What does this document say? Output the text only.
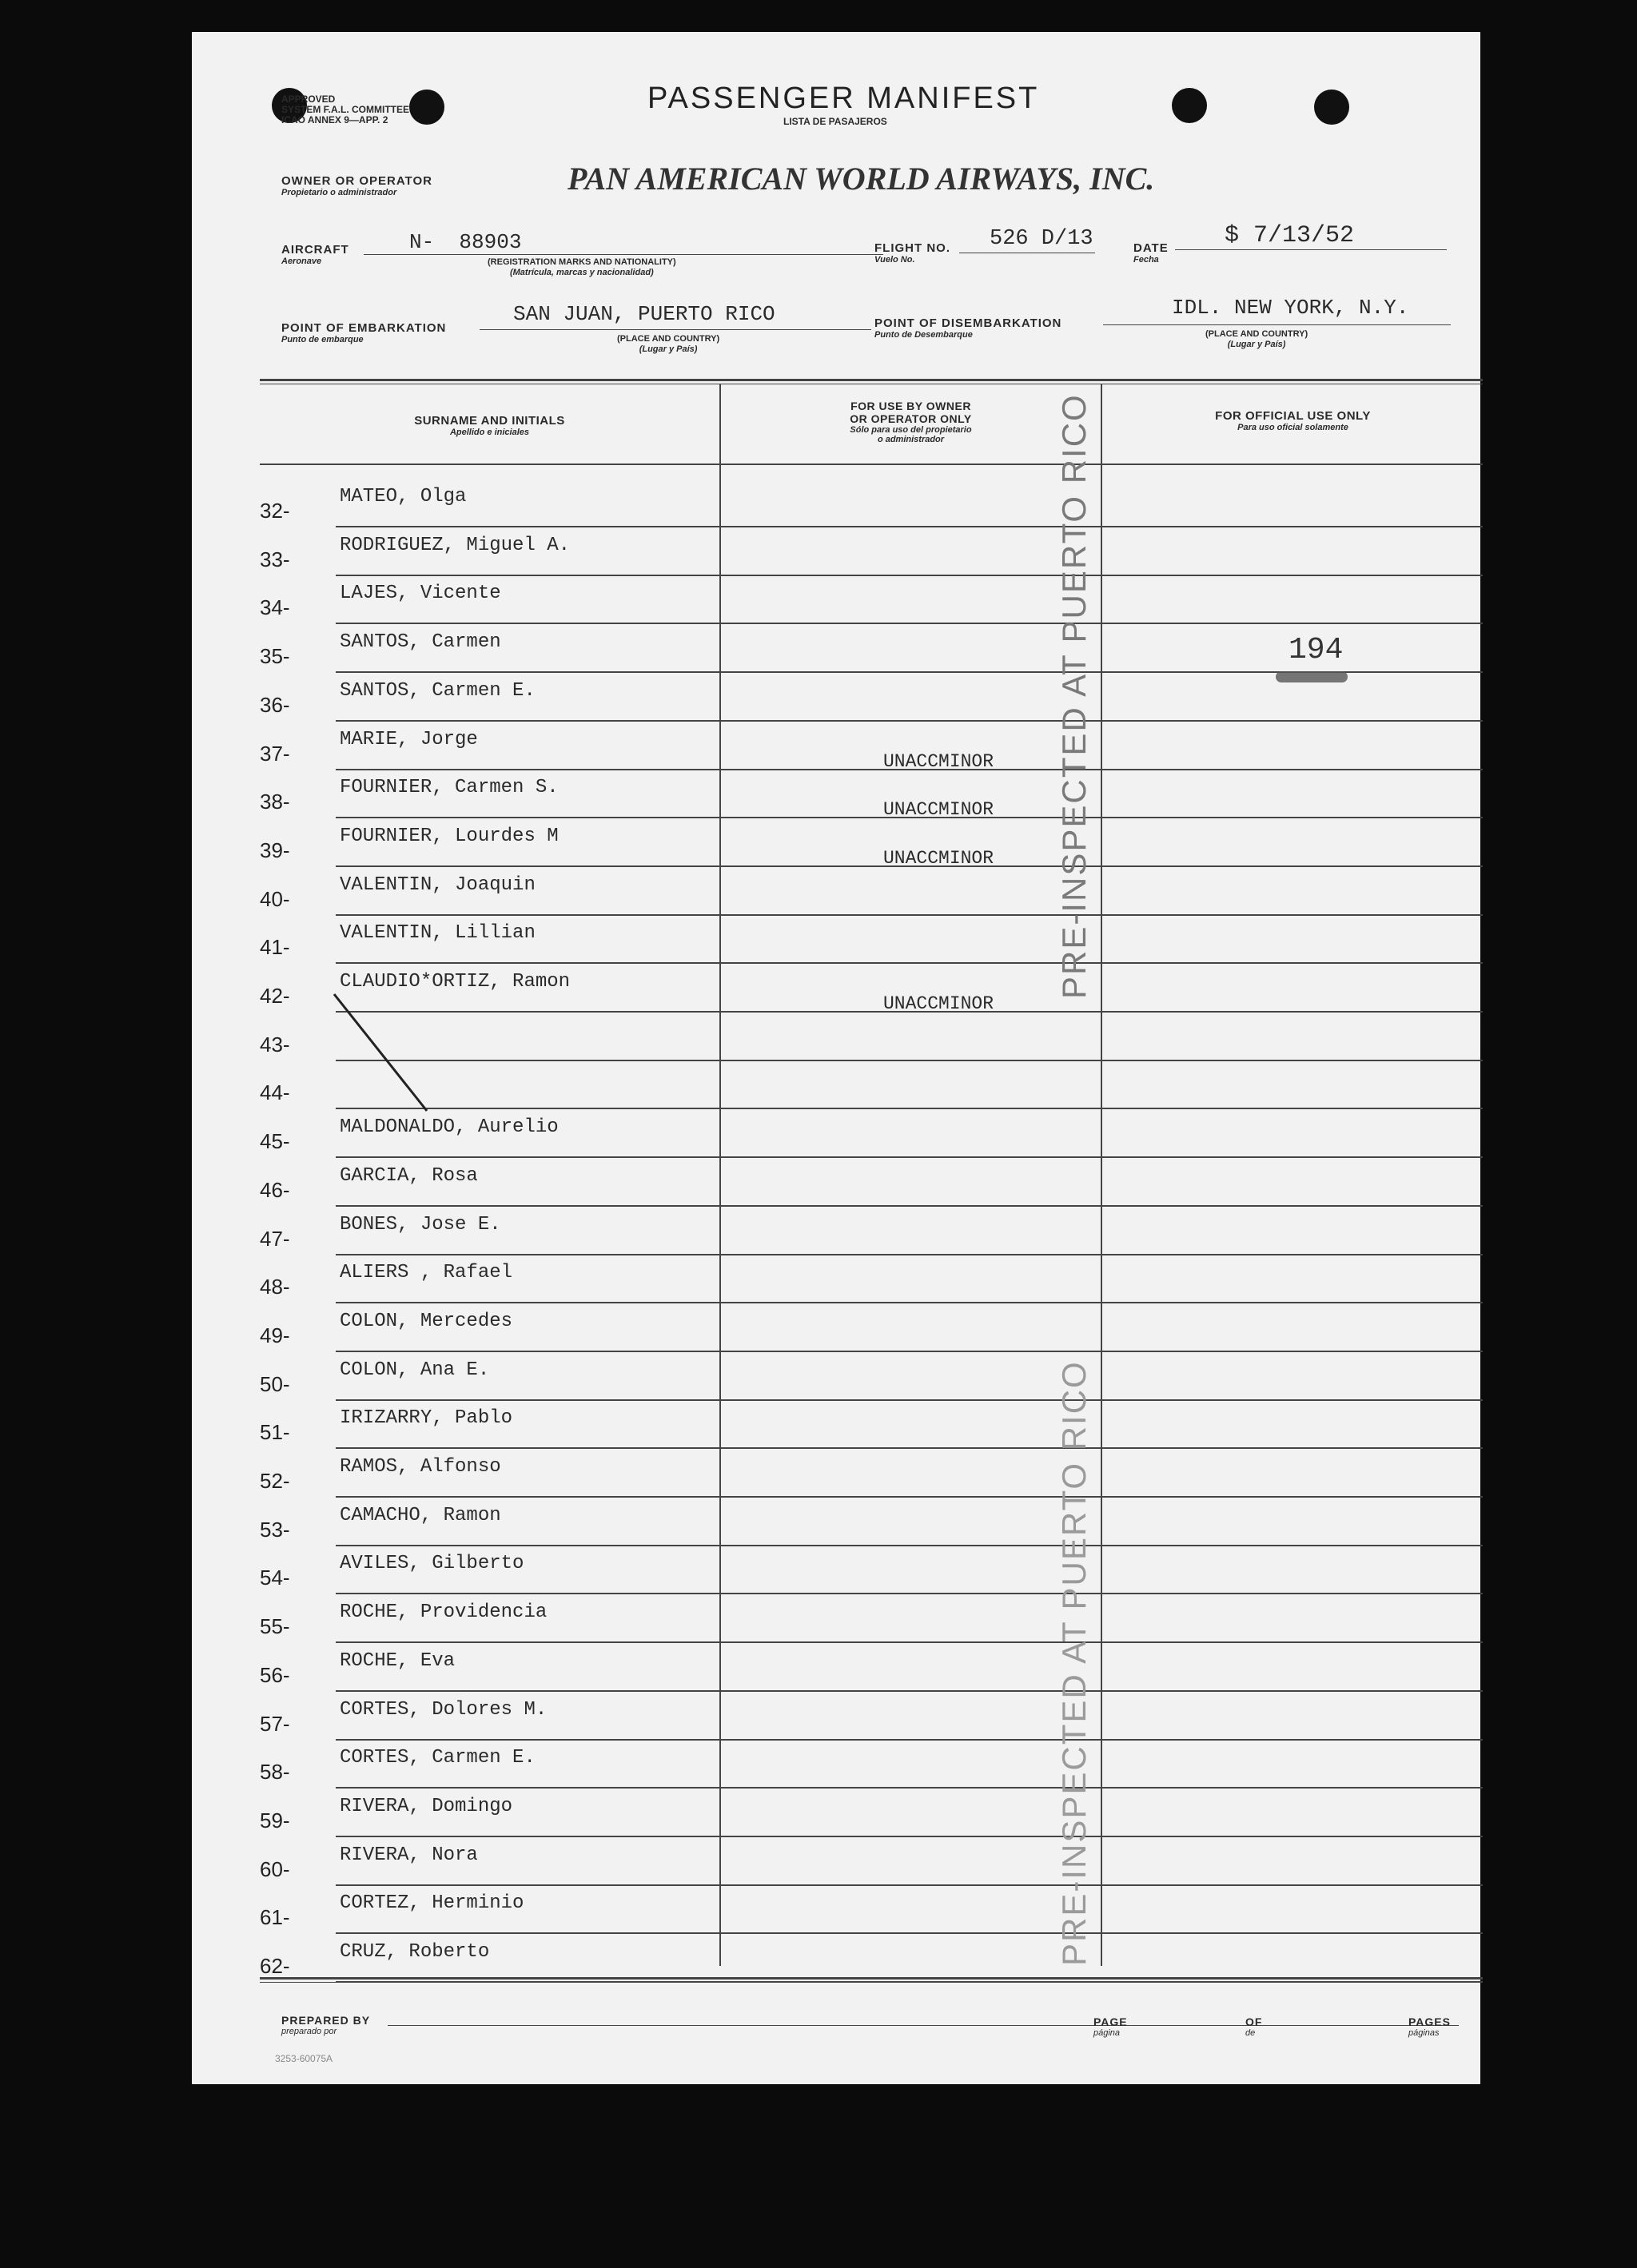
APPROVED
SYSTEM F.A.L. COMMITTEE
ICAO ANNEX 9—APP. 2
PASSENGER MANIFEST
LISTA DE PASAJEROS
OWNER OR OPERATOR
Propietario o administrador	PAN AMERICAN WORLD AIRWAYS, INC.
AIRCRAFT
Aeronave
N-  88903
(REGISTRATION MARKS AND NATIONALITY)
(Matrícula, marcas y nacionalidad)
FLIGHT NO.
Vuelo No.
526 D/13	DATE
Fecha
$ 7/13/52
POINT OF EMBARKATION
Punto de embarque
SAN JUAN, PUERTO RICO
(PLACE AND COUNTRY)
(Lugar y País)
POINT OF DISEMBARKATION
Punto de Desembarque
IDL. NEW YORK, N.Y.
(PLACE AND COUNTRY)
(Lugar y País)
SURNAME AND INITIALS
Apellido e iniciales
FOR USE BY OWNER
OR OPERATOR ONLY
Sólo para uso del propietario
o administrador
FOR OFFICIAL USE ONLY
Para uso oficial solamente
32-
MATEO, Olga
33-
RODRIGUEZ, Miguel A.
34-
LAJES, Vicente
35-
SANTOS, Carmen
36-
SANTOS, Carmen E.
37-
MARIE, Jorge
UNACCMINOR
38-
FOURNIER, Carmen S.
UNACCMINOR
39-
FOURNIER, Lourdes M
UNACCMINOR
40-
VALENTIN, Joaquin
41-
VALENTIN, Lillian
42-
CLAUDIO*ORTIZ, Ramon
UNACCMINOR
43-
44-
45-
MALDONALDO, Aurelio
46-
GARCIA, Rosa
47-
BONES, Jose E.
48-
ALIERS , Rafael
49-
COLON, Mercedes
50-
COLON, Ana E.
51-
IRIZARRY, Pablo
52-
RAMOS, Alfonso
53-
CAMACHO, Ramon
54-
AVILES, Gilberto
55-
ROCHE, Providencia
56-
ROCHE, Eva
57-
CORTES, Dolores M.
58-
CORTES, Carmen E.
59-
RIVERA, Domingo
60-
RIVERA, Nora
61-
CORTEZ, Herminio
62-
CRUZ, Roberto
194
PRE-INSPECTED AT PUERTO RICO
PRE-INSPECTED AT PUERTO RICO
PREPARED BY
preparado por
PAGE
página
OF
de
PAGES
páginas
3253-60075A
